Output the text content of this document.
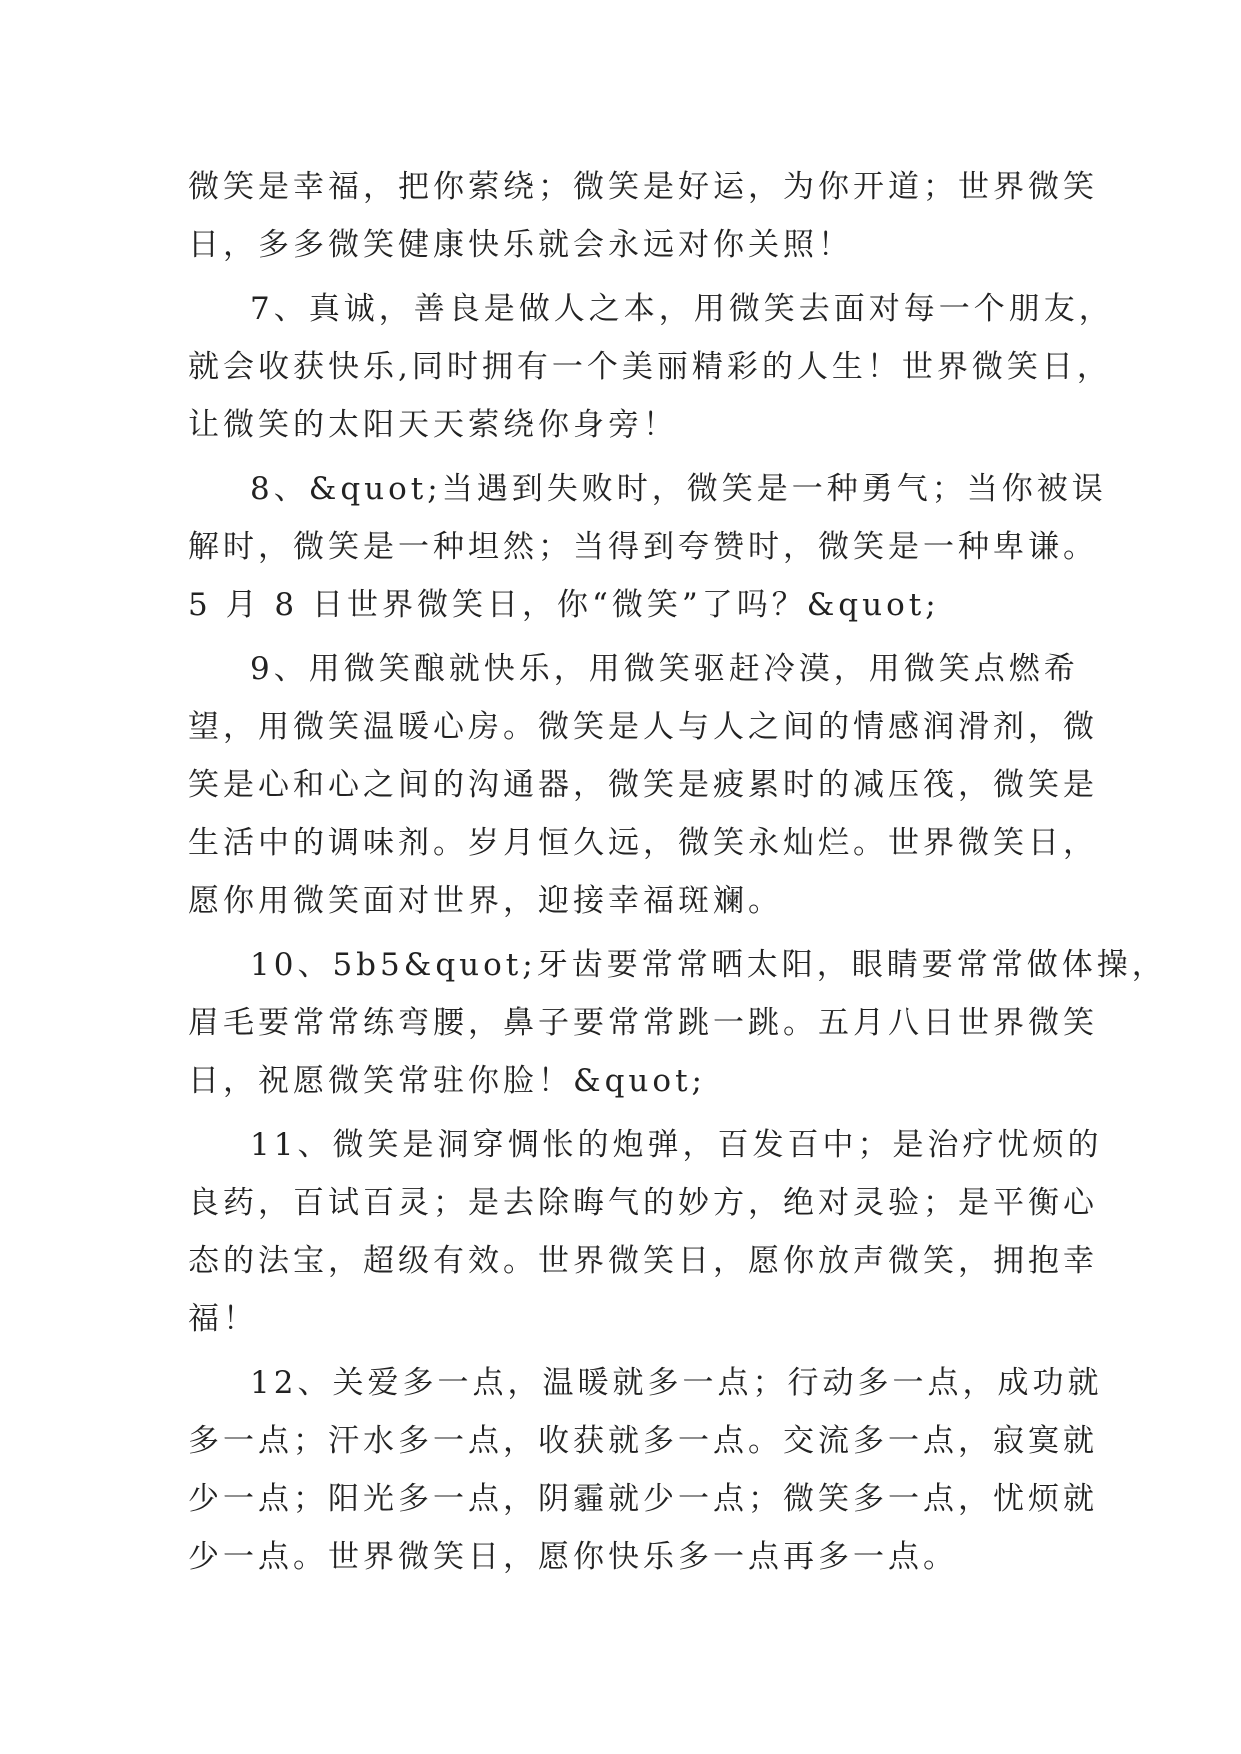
微笑是幸福，把你萦绕；微笑是好运，为你开道；世界微笑
日，多多微笑健康快乐就会永远对你关照！
7、真诚，善良是做人之本，用微笑去面对每一个朋友，
就会收获快乐,同时拥有一个美丽精彩的人生！世界微笑日，
让微笑的太阳天天萦绕你身旁！
8、&quot;当遇到失败时，微笑是一种勇气；当你被误
解时，微笑是一种坦然；当得到夸赞时，微笑是一种卑谦。
5 月 8 日世界微笑日，你“微笑”了吗？&quot;
9、用微笑酿就快乐，用微笑驱赶冷漠，用微笑点燃希
望，用微笑温暖心房。微笑是人与人之间的情感润滑剂，微
笑是心和心之间的沟通器，微笑是疲累时的减压筏，微笑是
生活中的调味剂。岁月恒久远，微笑永灿烂。世界微笑日，
愿你用微笑面对世界，迎接幸福斑斓。
10、5b5&quot;牙齿要常常晒太阳，眼睛要常常做体操，
眉毛要常常练弯腰，鼻子要常常跳一跳。五月八日世界微笑
日，祝愿微笑常驻你脸！&quot;
11、微笑是洞穿惆怅的炮弹，百发百中；是治疗忧烦的
良药，百试百灵；是去除晦气的妙方，绝对灵验；是平衡心
态的法宝，超级有效。世界微笑日，愿你放声微笑，拥抱幸
福！
12、关爱多一点，温暖就多一点；行动多一点，成功就
多一点；汗水多一点，收获就多一点。交流多一点，寂寞就
少一点；阳光多一点，阴霾就少一点；微笑多一点，忧烦就
少一点。世界微笑日，愿你快乐多一点再多一点。
